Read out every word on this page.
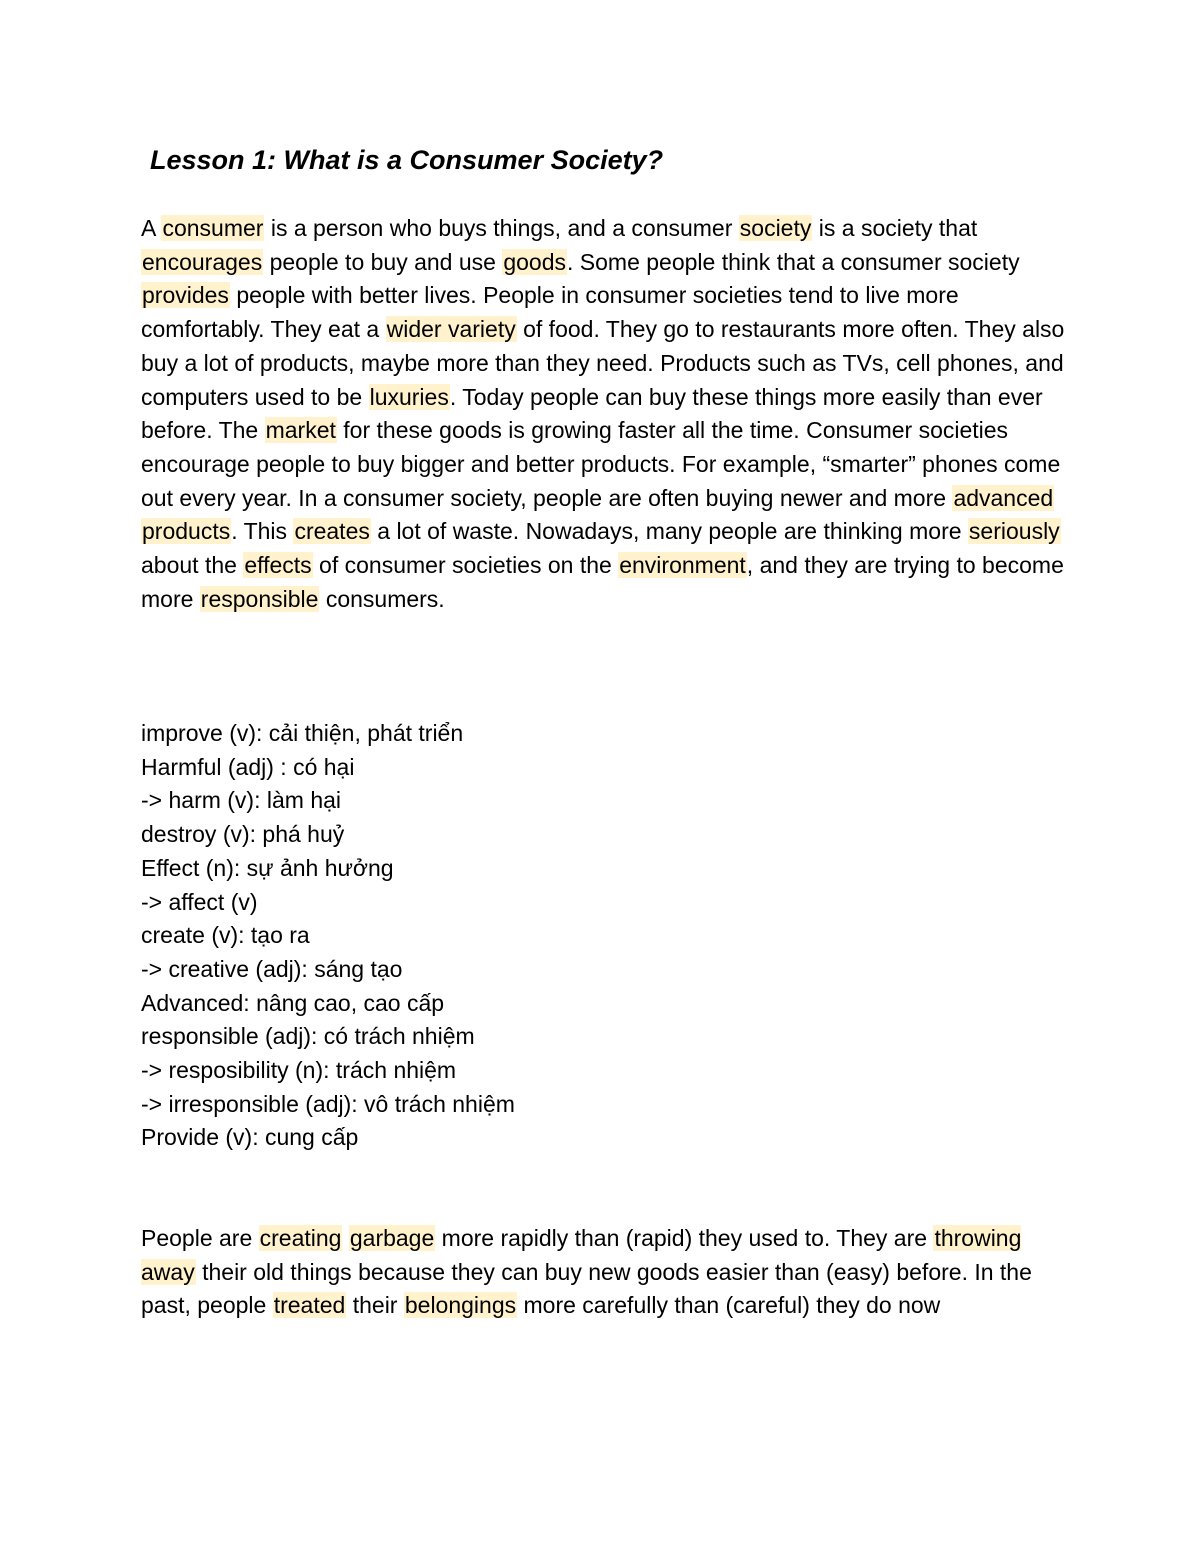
Lesson 1: What is a Consumer Society?

A consumer is a person who buys things, and a consumer society is a society that encourages people to buy and use goods. Some people think that a consumer society provides people with better lives. People in consumer societies tend to live more comfortably. They eat a wider variety of food. They go to restaurants more often. They also buy a lot of products, maybe more than they need. Products such as TVs, cell phones, and computers used to be luxuries. Today people can buy these things more easily than ever before. The market for these goods is growing faster all the time. Consumer societies encourage people to buy bigger and better products. For example, “smarter” phones come out every year. In a consumer society, people are often buying newer and more advanced products. This creates a lot of waste. Nowadays, many people are thinking more seriously about the effects of consumer societies on the environment, and they are trying to become more responsible consumers.

improve (v): cải thiện, phát triển
Harmful (adj) : có hại
-> harm (v): làm hại
destroy (v): phá huỷ
Effect (n): sự ảnh hưởng
-> affect (v)
create (v): tạo ra
-> creative (adj): sáng tạo
Advanced: nâng cao, cao cấp
responsible (adj): có trách nhiệm
-> resposibility (n): trách nhiệm
-> irresponsible (adj): vô trách nhiệm
Provide (v): cung cấp

People are creating garbage more rapidly than (rapid) they used to. They are throwing away their old things because they can buy new goods easier than (easy) before. In the past, people treated their belongings more carefully than (careful) they do now
